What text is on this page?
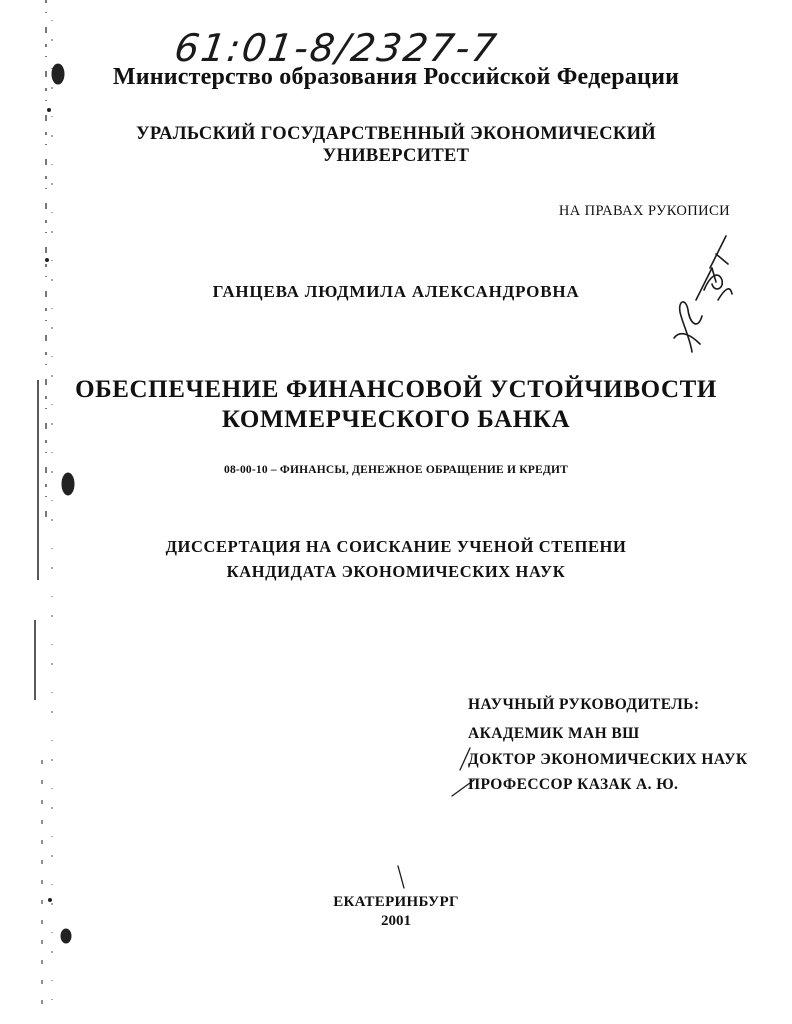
61:01-8/2327-7
Министерство образования Российской Федерации
УРАЛЬСКИЙ ГОСУДАРСТВЕННЫЙ ЭКОНОМИЧЕСКИЙ
УНИВЕРСИТЕТ
НА ПРАВАХ РУКОПИСИ
ГАНЦЕВА ЛЮДМИЛА АЛЕКСАНДРОВНА
ОБЕСПЕЧЕНИЕ ФИНАНСОВОЙ УСТОЙЧИВОСТИ
КОММЕРЧЕСКОГО БАНКА
08-00-10 – ФИНАНСЫ, ДЕНЕЖНОЕ ОБРАЩЕНИЕ И КРЕДИТ
ДИССЕРТАЦИЯ НА СОИСКАНИЕ УЧЕНОЙ СТЕПЕНИ
КАНДИДАТА ЭКОНОМИЧЕСКИХ НАУК
НАУЧНЫЙ РУКОВОДИТЕЛЬ:
АКАДЕМИК МАН ВШ
ДОКТОР ЭКОНОМИЧЕСКИХ НАУК
ПРОФЕССОР КАЗАК А. Ю.
ЕКАТЕРИНБУРГ
2001
